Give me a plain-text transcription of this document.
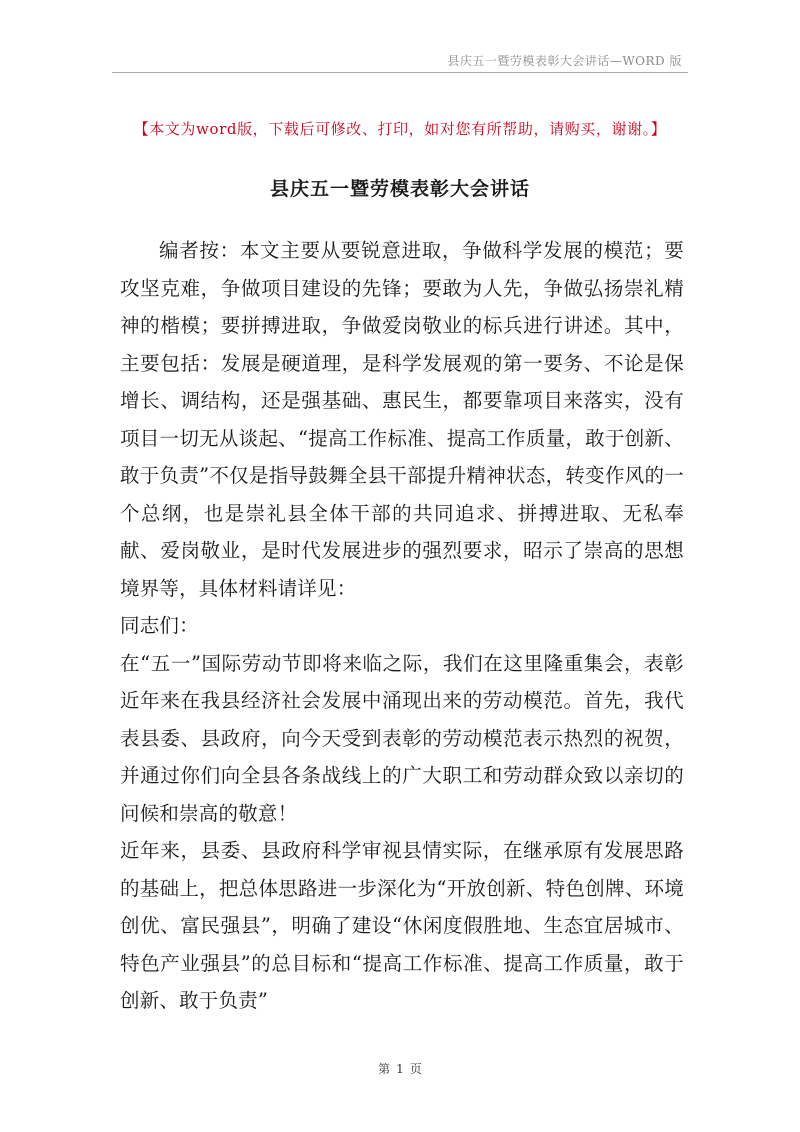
县庆五一暨劳模表彰大会讲话—WORD 版
【本文为word版，下载后可修改、打印，如对您有所帮助，请购买，谢谢。】
县庆五一暨劳模表彰大会讲话

编者按：本文主要从要锐意进取，争做科学发展的模范；要攻坚克难，争做项目建设的先锋；要敢为人先，争做弘扬崇礼精神的楷模；要拼搏进取，争做爱岗敬业的标兵进行讲述。其中，主要包括：发展是硬道理，是科学发展观的第一要务、不论是保增长、调结构，还是强基础、惠民生，都要靠项目来落实，没有项目一切无从谈起、“提高工作标准、提高工作质量，敢于创新、敢于负责”不仅是指导鼓舞全县干部提升精神状态，转变作风的一个总纲，也是崇礼县全体干部的共同追求、拼搏进取、无私奉献、爱岗敬业，是时代发展进步的强烈要求，昭示了崇高的思想境界等，具体材料请详见：

同志们：

在“五一”国际劳动节即将来临之际，我们在这里隆重集会，表彰近年来在我县经济社会发展中涌现出来的劳动模范。首先，我代表县委、县政府，向今天受到表彰的劳动模范表示热烈的祝贺，并通过你们向全县各条战线上的广大职工和劳动群众致以亲切的问候和崇高的敬意！

近年来，县委、县政府科学审视县情实际，在继承原有发展思路的基础上，把总体思路进一步深化为“开放创新、特色创牌、环境创优、富民强县”，明确了建设“休闲度假胜地、生态宜居城市、特色产业强县”的总目标和“提高工作标准、提高工作质量，敢于创新、敢于负责”

第 1 页
